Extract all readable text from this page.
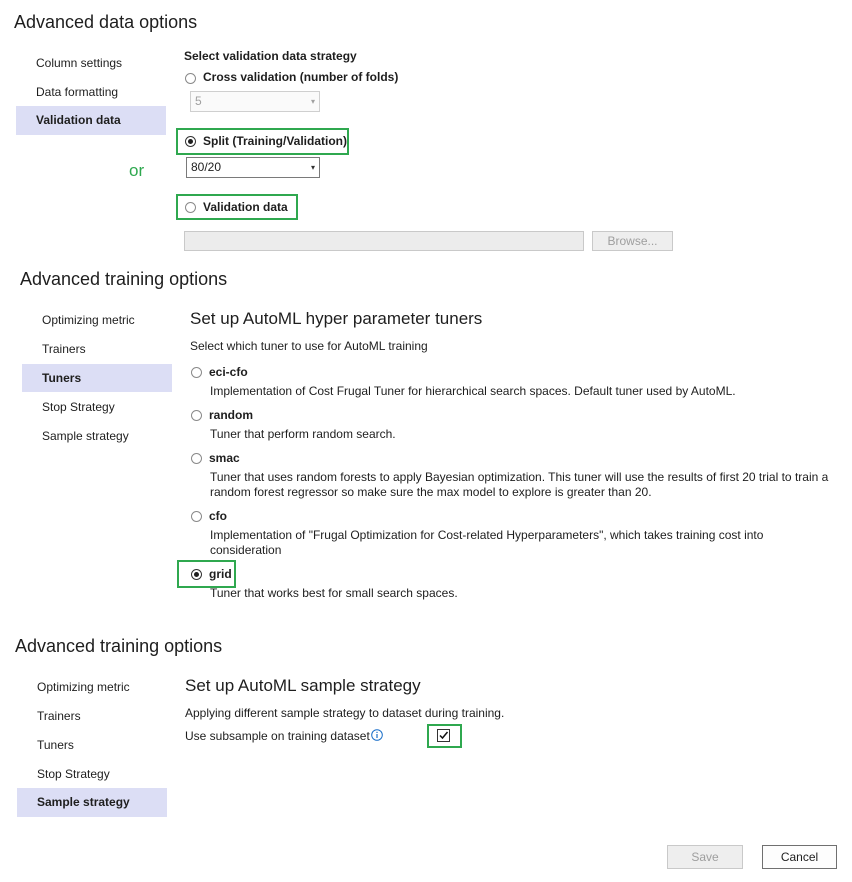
Advanced data options
Column settings
Data formatting
Validation data
Select validation data strategy
Cross validation (number of folds)
5	▾
Split (Training/Validation)
80/20	▾
or
Validation data
Browse...
Advanced training options
Optimizing metric
Trainers
Tuners
Stop Strategy
Sample strategy
Set up AutoML hyper parameter tuners
Select which tuner to use for AutoML training
eci-cfo
Implementation of Cost Frugal Tuner for hierarchical search spaces. Default tuner used by AutoML.
random
Tuner that perform random search.
smac
Tuner that uses random forests to apply Bayesian optimization. This tuner will use the results of first 20 trial to train a random forest regressor so make sure the max model to explore is greater than 20.
cfo
Implementation of "Frugal Optimization for Cost-related Hyperparameters", which takes training cost into consideration
grid
Tuner that works best for small search spaces.
Advanced training options
Optimizing metric
Trainers
Tuners
Stop Strategy
Sample strategy
Set up AutoML sample strategy
Applying different sample strategy to dataset during training.
Use subsample on training dataset
Save	Cancel
